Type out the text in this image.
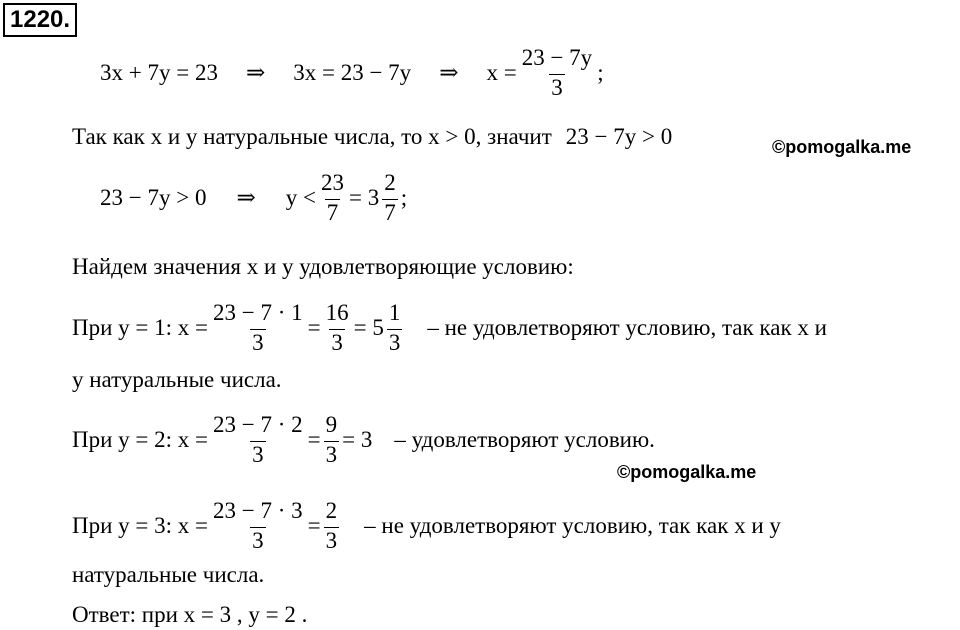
1220.
3x + 7y = 23 ⇒ 3x = 23 − 7y ⇒ $x = \frac{23 - 7y}{3}$ ;
Так как x и y натуральные числа, то x > 0, значит 23 − 7y > 0	©pomogalka.me
23 − 7y > 0 ⇒ $y < \frac{23}{7} = 3 \frac{2}{7}$ ;
Найдем значения x и y удовлетворяющие условию:
При y = 1: $x = \frac{23 - 7 \cdot 1}{3} = \frac{16}{3} = 5 \frac{1}{3}$ – не удовлетворяют условию, так как x и
y натуральные числа.
При y = 2: $x = \frac{23 - 7 \cdot 2}{3} = \frac{9}{3} = 3$ – удовлетворяют условию.
©pomogalka.me
При y = 3: $x = \frac{23 - 7 \cdot 3}{3} = \frac{2}{3}$ – не удовлетворяют условию, так как x и y
натуральные числа.
Ответ: при x = 3 , y = 2 .
